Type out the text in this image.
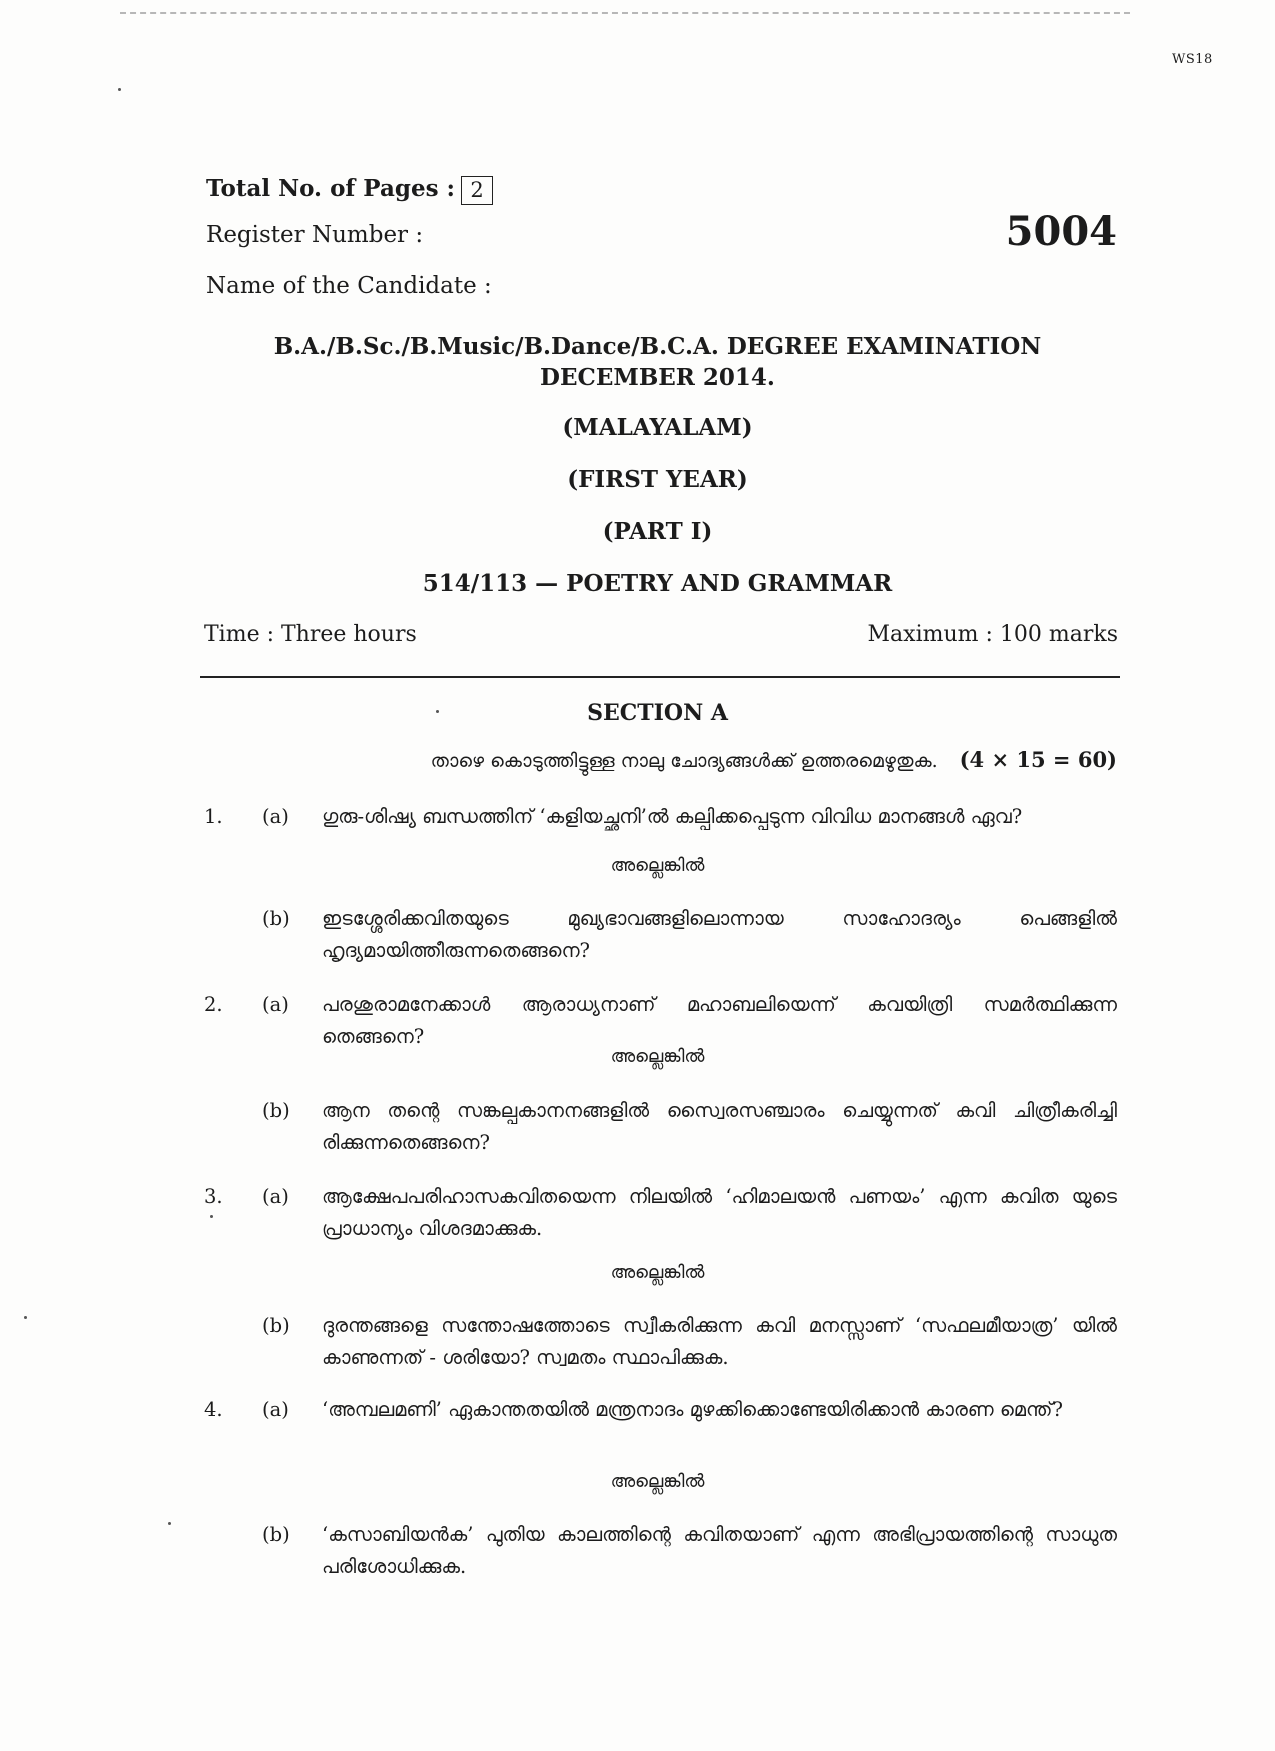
WS18
Total No. of Pages : 2
Register Number :
Name of the Candidate :
5004
B.A./B.Sc./B.Music/B.Dance/B.C.A. DEGREE EXAMINATION
DECEMBER 2014.
(MALAYALAM)
(FIRST YEAR)
(PART I)
514/113 — POETRY AND GRAMMAR
Time : Three hours	Maximum : 100 marks
SECTION A
താഴെ കൊടുത്തിട്ടുള്ള നാലു ചോദ്യങ്ങൾക്ക് ഉത്തരമെഴുതുക. (4 × 15 = 60)
1. (a) ഗുരു-ശിഷ്യ ബന്ധത്തിന് ‘കളിയച്ഛനി’ൽ കല്പിക്കപ്പെടുന്ന വിവിധ മാനങ്ങൾ ഏവ?
അല്ലെങ്കിൽ
(b) ഇടശ്ശേരിക്കവിതയുടെ മുഖ്യഭാവങ്ങളിലൊന്നായ സാഹോദര്യം പെങ്ങളിൽ ഹൃദ്യമായിത്തീരുന്നതെങ്ങനെ?
2. (a) പരശുരാമനേക്കാൾ ആരാധ്യനാണ് മഹാബലിയെന്ന് കവയിത്രി സമർത്ഥിക്കുന്ന തെങ്ങനെ?
അല്ലെങ്കിൽ
(b) ആന തന്റെ സങ്കല്പകാനനങ്ങളിൽ സ്വൈരസഞ്ചാരം ചെയ്യുന്നത് കവി ചിത്രീകരിച്ചി രിക്കുന്നതെങ്ങനെ?
3. (a) ആക്ഷേപപരിഹാസകവിതയെന്ന നിലയിൽ ‘ഹിമാലയൻ പണയം’ എന്ന കവിത യുടെ പ്രാധാന്യം വിശദമാക്കുക.
അല്ലെങ്കിൽ
(b) ദുരന്തങ്ങളെ സന്തോഷത്തോടെ സ്വീകരിക്കുന്ന കവി മനസ്സാണ് ‘സഫലമീയാത്ര’ യിൽ കാണുന്നത് - ശരിയോ? സ്വമതം സ്ഥാപിക്കുക.
4. (a) ‘അമ്പലമണി’ ഏകാന്തതയിൽ മന്ത്രനാദം മുഴക്കിക്കൊണ്ടേയിരിക്കാൻ കാരണ മെന്ത്?
അല്ലെങ്കിൽ
(b) ‘കസാബിയൻക’ പുതിയ കാലത്തിന്റെ കവിതയാണ് എന്ന അഭിപ്രായത്തിന്റെ സാധുത പരിശോധിക്കുക.
